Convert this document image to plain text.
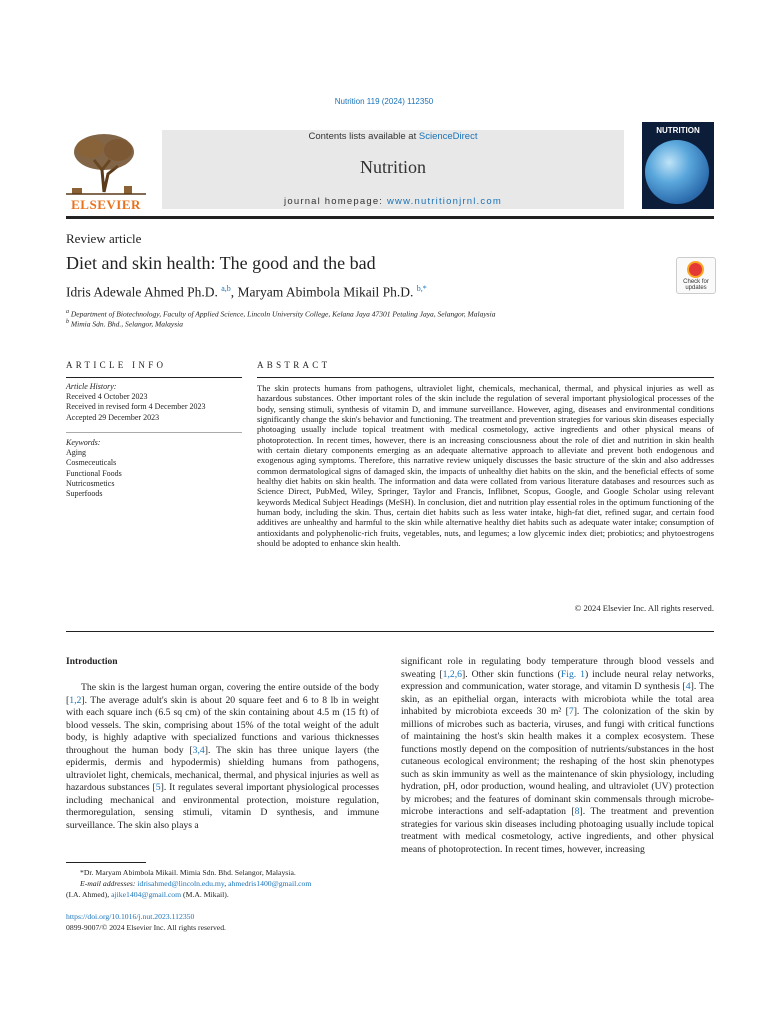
Nutrition 119 (2024) 112350
ELSEVIER
Contents lists available at ScienceDirect
Nutrition
journal homepage: www.nutritionjrnl.com
NUTRITION
Review article
Diet and skin health: The good and the bad
Check for
updates
Idris Adewale Ahmed Ph.D. $^{a,b}$, Maryam Abimbola Mikail Ph.D. $^{b,*}$
$^a$ Department of Biotechnology, Faculty of Applied Science, Lincoln University College, Kelana Jaya 47301 Petaling Jaya, Selangor, Malaysia
$^b$ Mimia Sdn. Bhd., Selangor, Malaysia
ARTICLE INFO
Article History:
Received 4 October 2023
Received in revised form 4 December 2023
Accepted 29 December 2023
Keywords:
Aging
Cosmeceuticals
Functional Foods
Nutricosmetics
Superfoods
ABSTRACT
The skin protects humans from pathogens, ultraviolet light, chemicals, mechanical, thermal, and physical injuries as well as hazardous substances. Other important roles of the skin include the regulation of several important physiological processes of the body, sensing stimuli, synthesis of vitamin D, and immune surveillance. However, aging, diseases and environmental conditions significantly change the skin's behavior and functioning. The treatment and prevention strategies for various skin diseases especially photoaging usually include topical treatment with medical cosmetology, active ingredients and other physical means of photoprotection. In recent times, however, there is an increasing consciousness about the role of diet and nutrition in skin health with certain dietary components emerging as an adequate alternative approach to alleviate and prevent both endogenous and exogenous aging symptoms. Therefore, this narrative review uniquely discusses the basic structure of the skin and also addresses common dermatological signs of damaged skin, the impacts of unhealthy diet habits on the skin, and the beneficial effects of some healthy diet habits on skin health. The information and data were collated from various literature databases and resources such as Science Direct, PubMed, Wiley, Springer, Taylor and Francis, Inflibnet, Scopus, Google, and Google Scholar using relevant keywords Medical Subject Headings (MeSH). In conclusion, diet and nutrition play essential roles in the optimum functioning of the human body, including the skin. Thus, certain diet habits such as less water intake, high-fat diet, refined sugar, and certain food additives are unhealthy and harmful to the skin while alternative healthy diet habits such as adequate water intake; consumption of antioxidants and polyphenolic-rich fruits, vegetables, nuts, and legumes; a low glycemic index diet; probiotics; and phytoestrogens should be adopted to enhance skin health.
© 2024 Elsevier Inc. All rights reserved.
Introduction

The skin is the largest human organ, covering the entire outside of the body [1,2]. The average adult's skin is about 20 square feet and 6 to 8 lb in weight with each square inch (6.5 sq cm) of the skin containing about 4.5 m (15 ft) of blood vessels. The skin, comprising about 15% of the total weight of the adult body, is highly adaptive with specialized functions and various thicknesses throughout the human body [3,4]. The skin has three unique layers (the epidermis, dermis and hypodermis) shielding humans from pathogens, ultraviolet light, chemicals, mechanical, thermal, and physical injuries as well as hazardous substances [5]. It regulates several important physiological processes including mechanical and environmental protection, moisture regulation, thermoregulation, sensing stimuli, vitamin D synthesis, and immune surveillance. The skin also plays a

significant role in regulating body temperature through blood vessels and sweating [1,2,6]. Other skin functions (Fig. 1) include neural relay networks, expression and communication, water storage, and vitamin D synthesis [4]. The skin, as an epithelial organ, interacts with microbiota while the total area inhabited by microbiota exceeds 30 m² [7]. The colonization of the skin by millions of microbes such as bacteria, viruses, and fungi with critical functions of maintaining the host's skin health makes it a complex ecosystem. These functions mostly depend on the composition of nutrients/substances in the host cutaneous ecological environment; the reshaping of the host skin phenotypes such as skin immunity as well as the maintenance of skin physiology, including hydration, pH, odor production, wound healing, and ultraviolet (UV) protection by microbes; and the features of dominant skin commensals through microbe-microbe interactions and self-adaptation [8]. The treatment and prevention strategies for various skin diseases including photoaging usually include topical treatment with medical cosmetology, active ingredients, and other physical means of photoprotection. In recent times, however, increasing

*Dr. Maryam Abimbola Mikail. Mimia Sdn. Bhd. Selangor, Malaysia.
E-mail addresses: idrisahmed@lincoln.edu.my, ahmedris1400@gmail.com
(I.A. Ahmed), ajike1404@gmail.com (M.A. Mikail).
https://doi.org/10.1016/j.nut.2023.112350
0899-9007/© 2024 Elsevier Inc. All rights reserved.
